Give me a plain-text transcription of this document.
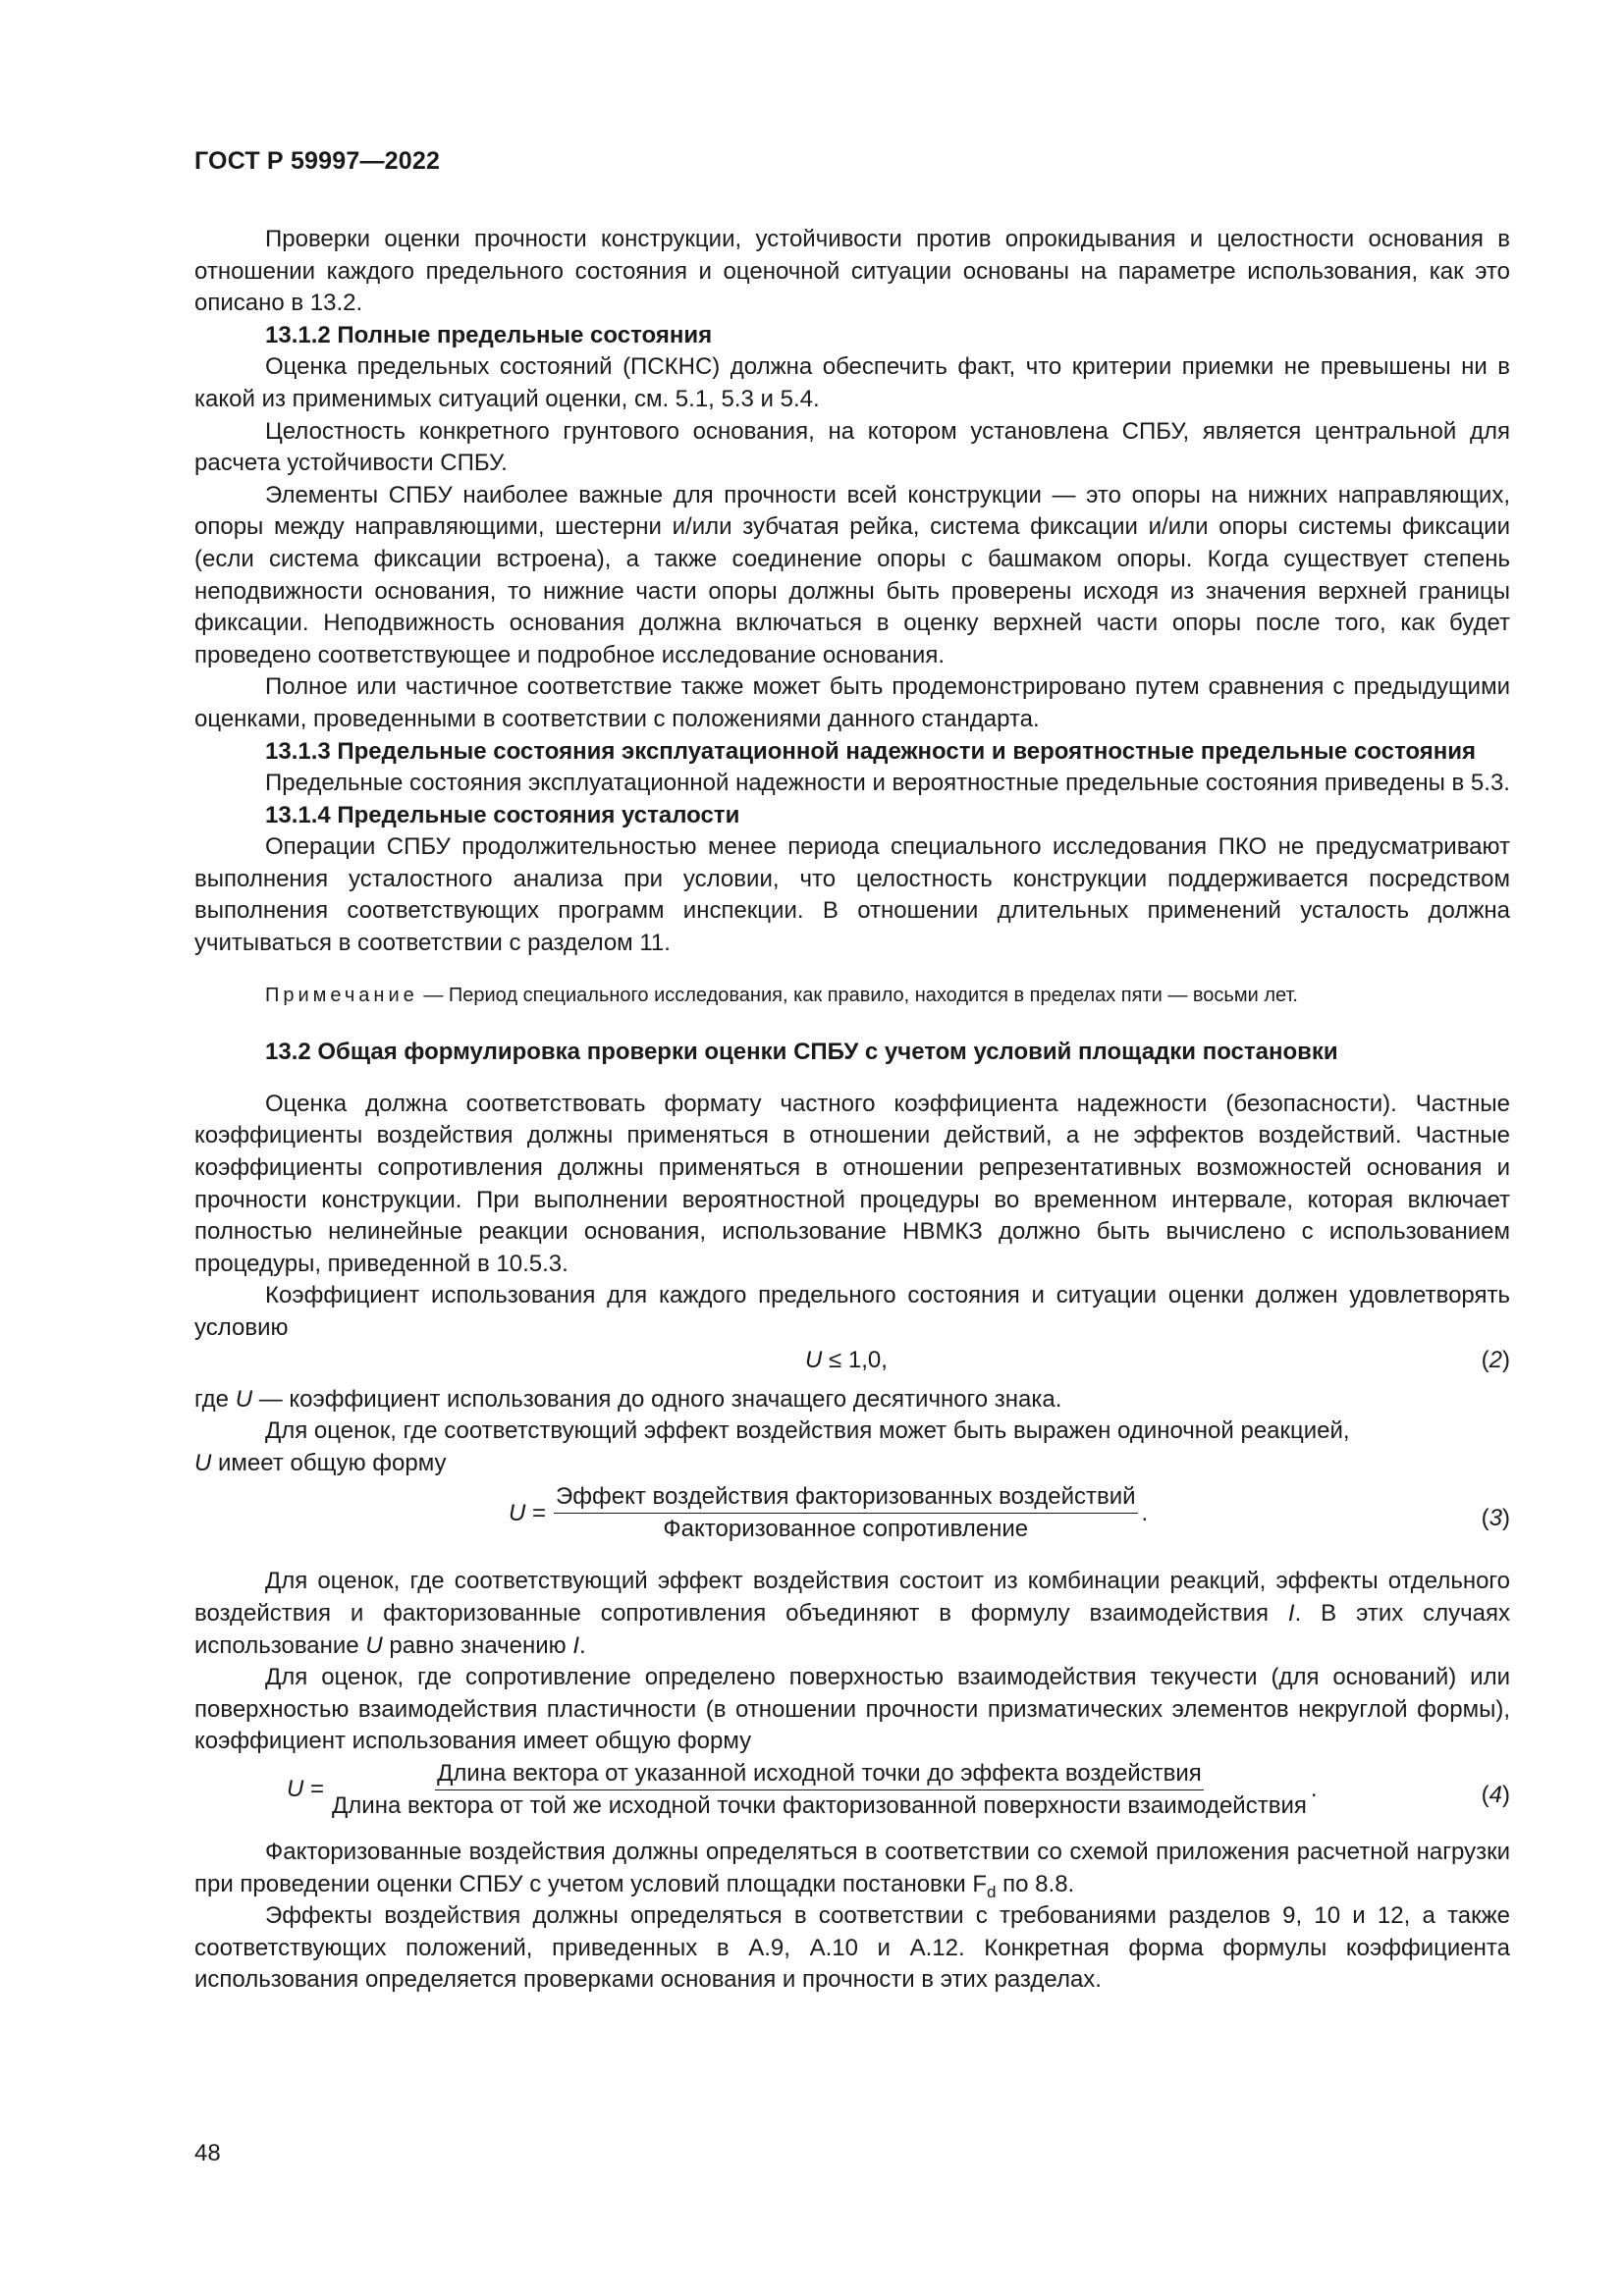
ГОСТ Р 59997—2022

Проверки оценки прочности конструкции, устойчивости против опрокидывания и целостности основания в отношении каждого предельного состояния и оценочной ситуации основаны на параметре использования, как это описано в 13.2.

13.1.2 Полные предельные состояния

Оценка предельных состояний (ПСКНС) должна обеспечить факт, что критерии приемки не превышены ни в какой из применимых ситуаций оценки, см. 5.1, 5.3 и 5.4.

Целостность конкретного грунтового основания, на котором установлена СПБУ, является центральной для расчета устойчивости СПБУ.

Элементы СПБУ наиболее важные для прочности всей конструкции — это опоры на нижних направляющих, опоры между направляющими, шестерни и/или зубчатая рейка, система фиксации и/или опоры системы фиксации (если система фиксации встроена), а также соединение опоры с башмаком опоры. Когда существует степень неподвижности основания, то нижние части опоры должны быть проверены исходя из значения верхней границы фиксации. Неподвижность основания должна включаться в оценку верхней части опоры после того, как будет проведено соответствующее и подробное исследование основания.

Полное или частичное соответствие также может быть продемонстрировано путем сравнения с предыдущими оценками, проведенными в соответствии с положениями данного стандарта.

13.1.3 Предельные состояния эксплуатационной надежности и вероятностные предельные состояния

Предельные состояния эксплуатационной надежности и вероятностные предельные состояния приведены в 5.3.

13.1.4 Предельные состояния усталости

Операции СПБУ продолжительностью менее периода специального исследования ПКО не предусматривают выполнения усталостного анализа при условии, что целостность конструкции поддерживается посредством выполнения соответствующих программ инспекции. В отношении длительных применений усталость должна учитываться в соответствии с разделом 11.

Примечание — Период специального исследования, как правило, находится в пределах пяти — восьми лет.
13.2 Общая формулировка проверки оценки СПБУ с учетом условий площадки постановки

Оценка должна соответствовать формату частного коэффициента надежности (безопасности). Частные коэффициенты воздействия должны применяться в отношении действий, а не эффектов воздействий. Частные коэффициенты сопротивления должны применяться в отношении репрезентативных возможностей основания и прочности конструкции. При выполнении вероятностной процедуры во временном интервале, которая включает полностью нелинейные реакции основания, использование НВМКЗ должно быть вычислено с использованием процедуры, приведенной в 10.5.3.

Коэффициент использования для каждого предельного состояния и ситуации оценки должен удовлетворять условию

U ≤ 1,0,	(2)

где U — коэффициент использования до одного значащего десятичного знака.

Для оценок, где соответствующий эффект воздействия может быть выражен одиночной реакцией,

U имеет общую форму

$U = \frac{\text{Эффект воздействия факторизованных воздействий}}{\text{Факторизованное сопротивление}}$ .	(3)

Для оценок, где соответствующий эффект воздействия состоит из комбинации реакций, эффекты отдельного воздействия и факторизованные сопротивления объединяют в формулу взаимодействия I. В этих случаях использование U равно значению I.

Для оценок, где сопротивление определено поверхностью взаимодействия текучести (для оснований) или поверхностью взаимодействия пластичности (в отношении прочности призматических элементов некруглой формы), коэффициент использования имеет общую форму

U =
Длина вектора от указанной исходной точки до эффекта воздействия
Длина вектора от той же исходной точки факторизованной поверхности взаимодействия
.	(4)

Факторизованные воздействия должны определяться в соответствии со схемой приложения расчетной нагрузки при проведении оценки СПБУ с учетом условий площадки постановки $F_d$ по 8.8.

Эффекты воздействия должны определяться в соответствии с требованиями разделов 9, 10 и 12, а также соответствующих положений, приведенных в А.9, А.10 и А.12. Конкретная форма формулы коэффициента использования определяется проверками основания и прочности в этих разделах.

48
